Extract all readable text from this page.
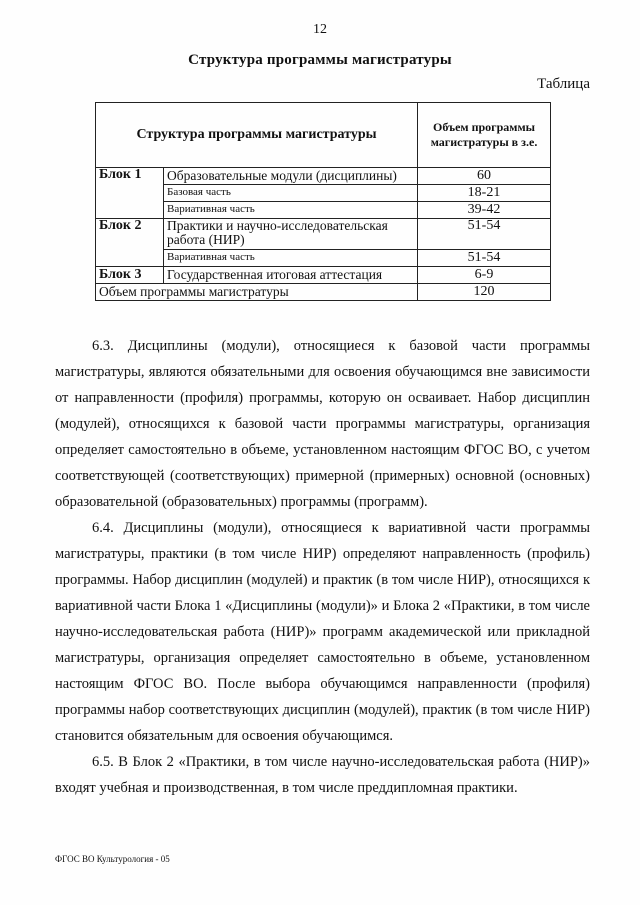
12
Структура программы магистратуры
Таблица
Структура программы магистратуры		Объем программы магистратуры в з.е.
Блок 1	Образовательные модули (дисциплины)	60
	Базовая часть	18-21
	Вариативная часть	39-42
Блок 2	Практики и научно-исследовательская работа (НИР)	51-54
	Вариативная часть	51-54
Блок 3	Государственная итоговая аттестация	6-9
Объем программы магистратуры		120

6.3. Дисциплины (модули), относящиеся к базовой части программы магистратуры, являются обязательными для освоения обучающимся вне зависимости от направленности (профиля) программы, которую он осваивает. Набор дисциплин (модулей), относящихся к базовой части программы магистратуры, организация определяет самостоятельно в объеме, установленном настоящим ФГОС ВО, с учетом соответствующей (соответствующих) примерной (примерных) основной (основных) образовательной (образовательных) программы (программ).

6.4. Дисциплины (модули), относящиеся к вариативной части программы магистратуры, практики (в том числе НИР) определяют направленность (профиль) программы. Набор дисциплин (модулей) и практик (в том числе НИР), относящихся к вариативной части Блока 1 «Дисциплины (модули)» и Блока 2 «Практики, в том числе научно-исследовательская работа (НИР)» программ академической или прикладной магистратуры, организация определяет самостоятельно в объеме, установленном настоящим ФГОС ВО. После выбора обучающимся направленности (профиля) программы набор соответствующих дисциплин (модулей), практик (в том числе НИР) становится обязательным для освоения обучающимся.

6.5. В Блок 2 «Практики, в том числе научно-исследовательская работа (НИР)» входят учебная и производственная, в том числе преддипломная практики.

ФГОС ВО Культурология - 05
